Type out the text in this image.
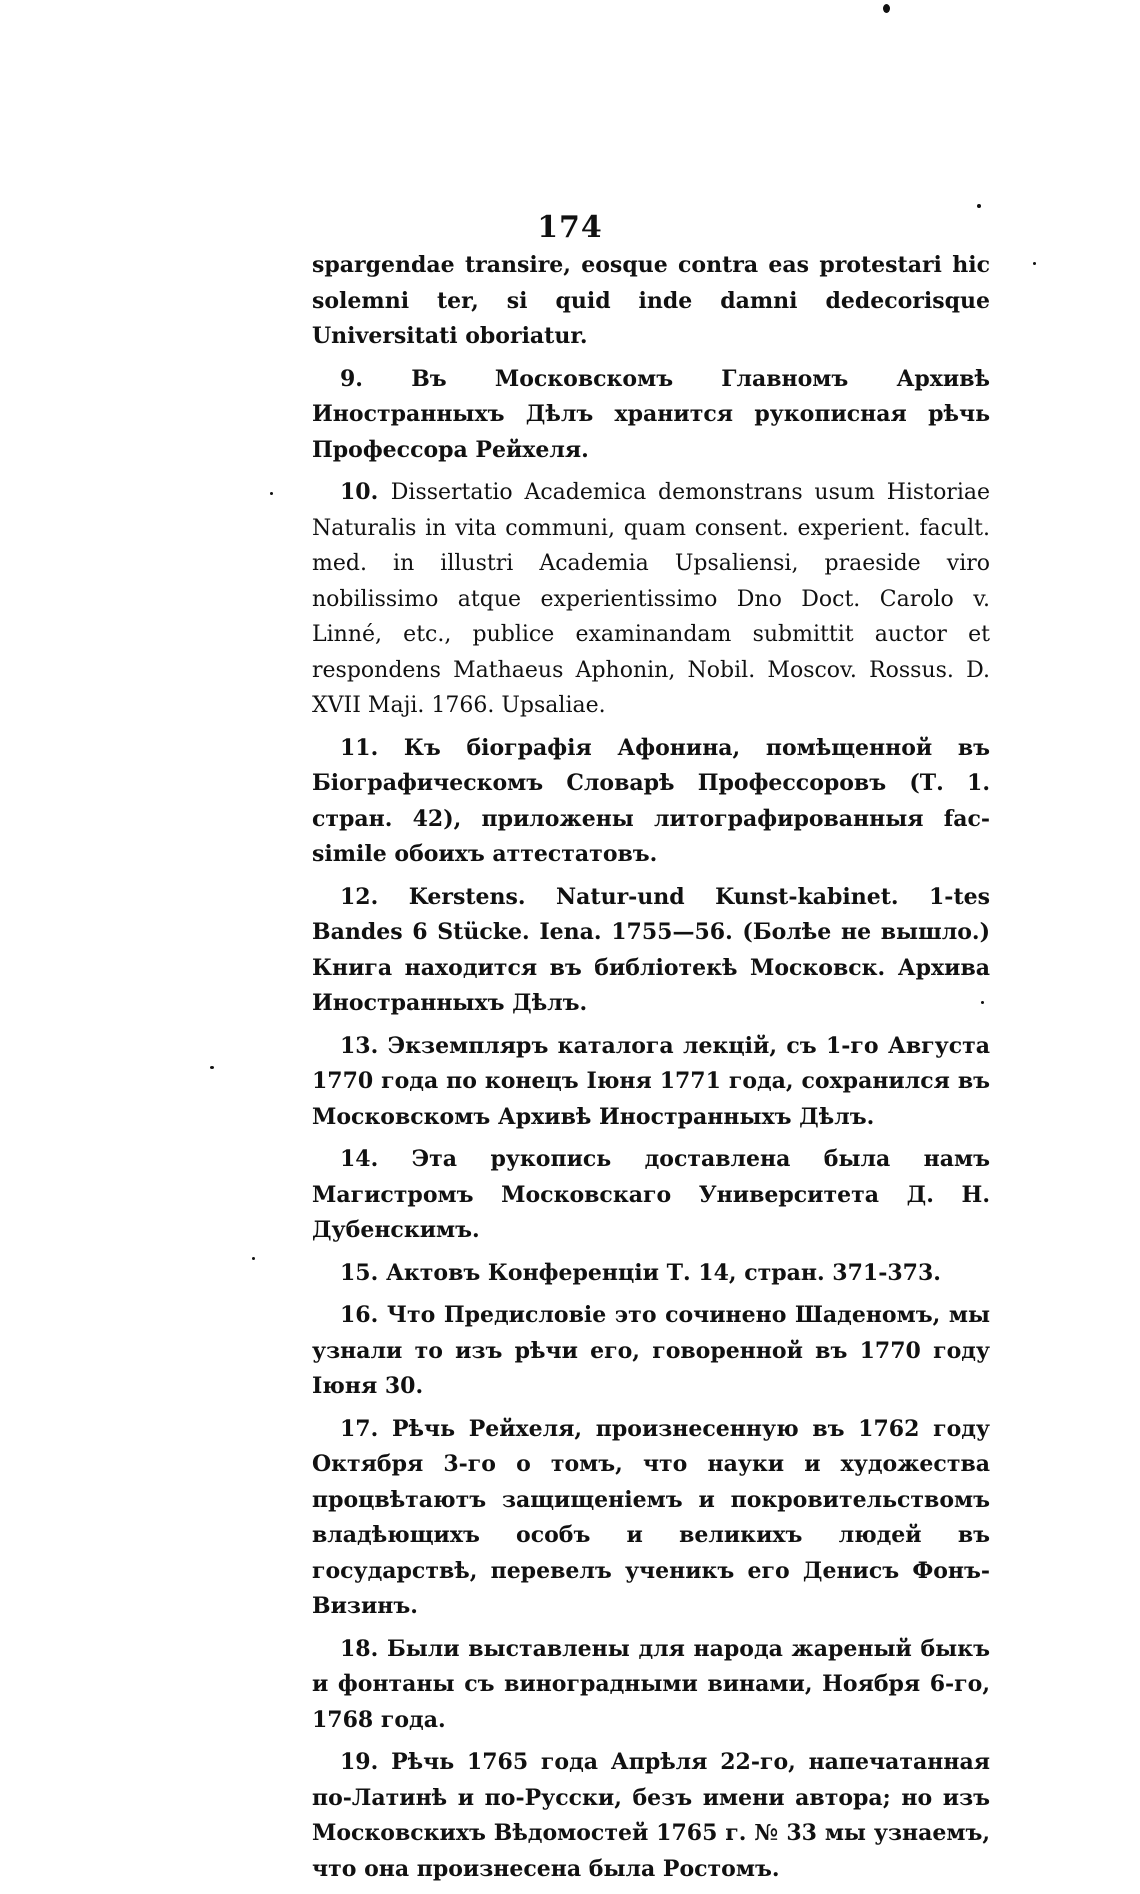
174

spargendae transire, eosque contra eas protestari hic solemni ter, si quid inde damni dedecorisque Universitati oboriatur.

9. Въ Московскомъ Главномъ Архивѣ Иностранныхъ Дѣлъ хранится рукописная рѣчь Профессора Рейхеля.

10. Dissertatio Academica demonstrans usum Historiae Naturalis in vita communi, quam consent. experient. facult. med. in illustri Academia Upsaliensi, praeside viro nobilissimo atque experientissimo Dno Doct. Carolo v. Linné, etc., publice examinandam submittit auctor et respondens Mathaeus Aphonin, Nobil. Moscov. Rossus. D. XVII Maji. 1766. Upsaliae.

11. Къ біографія Афонина, помѣщенной въ Біографическомъ Словарѣ Профессоровъ (Т. 1. стран. 42), приложены литографированныя fac-simile обоихъ аттестатовъ.

12. Kerstens. Natur-und Kunst-kabinet. 1-tes Bandes 6 Stücke. Iena. 1755—56. (Болѣе не вышло.) Книга находится въ библіотекѣ Московск. Архива Иностранныхъ Дѣлъ.

13. Экземпляръ каталога лекцій, съ 1-го Августа 1770 года по конецъ Іюня 1771 года, сохранился въ Московскомъ Архивѣ Иностранныхъ Дѣлъ.

14. Эта рукопись доставлена была намъ Магистромъ Московскаго Университета Д. Н. Дубенскимъ.

15. Актовъ Конференціи Т. 14, стран. 371-373.

16. Что Предисловіе это сочинено Шаденомъ, мы узнали то изъ рѣчи его, говоренной въ 1770 году Іюня 30.

17. Рѣчь Рейхеля, произнесенную въ 1762 году Октября 3-го о томъ, что науки и художества процвѣтаютъ защищеніемъ и покровительствомъ владѣющихъ особъ и великихъ людей въ государствѣ, перевелъ ученикъ его Денисъ Фонъ-Визинъ.

18. Были выставлены для народа жареный быкъ и фонтаны съ виноградными винами, Ноября 6-го, 1768 года.

19. Рѣчь 1765 года Апрѣля 22-го, напечатанная по-Латинѣ и по-Русски, безъ имени автора; но изъ Московскихъ Вѣдомостей 1765 г. № 33 мы узнаемъ, что она произнесена была Ростомъ.
